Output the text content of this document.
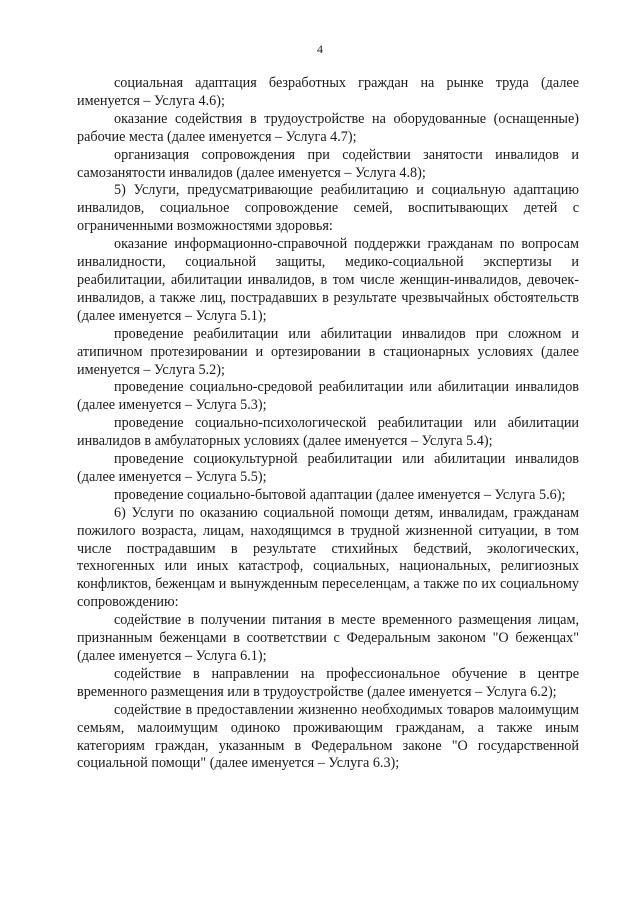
4

социальная адаптация безработных граждан на рынке труда (далее именуется – Услуга 4.6);

оказание содействия в трудоустройстве на оборудованные (оснащенные) рабочие места (далее именуется – Услуга 4.7);

организация сопровождения при содействии занятости инвалидов и самозанятости инвалидов (далее именуется – Услуга 4.8);

5) Услуги, предусматривающие реабилитацию и социальную адаптацию инвалидов, социальное сопровождение семей, воспитывающих детей с ограниченными возможностями здоровья:

оказание информационно-справочной поддержки гражданам по вопросам инвалидности, социальной защиты, медико-социальной экспертизы и реабилитации, абилитации инвалидов, в том числе женщин-инвалидов, девочек-инвалидов, а также лиц, пострадавших в результате чрезвычайных обстоятельств (далее именуется – Услуга 5.1);

проведение реабилитации или абилитации инвалидов при сложном и атипичном протезировании и ортезировании в стационарных условиях (далее именуется – Услуга 5.2);

проведение социально-средовой реабилитации или абилитации инвалидов (далее именуется – Услуга 5.3);

проведение социально-психологической реабилитации или абилитации инвалидов в амбулаторных условиях (далее именуется – Услуга 5.4);

проведение социокультурной реабилитации или абилитации инвалидов (далее именуется – Услуга 5.5);

проведение социально-бытовой адаптации (далее именуется – Услуга 5.6);

6) Услуги по оказанию социальной помощи детям, инвалидам, гражданам пожилого возраста, лицам, находящимся в трудной жизненной ситуации, в том числе пострадавшим в результате стихийных бедствий, экологических, техногенных или иных катастроф, социальных, национальных, религиозных конфликтов, беженцам и вынужденным переселенцам, а также по их социальному сопровождению:

содействие в получении питания в месте временного размещения лицам, признанным беженцами в соответствии с Федеральным законом "О беженцах" (далее именуется – Услуга 6.1);

содействие в направлении на профессиональное обучение в центре временного размещения или в трудоустройстве (далее именуется – Услуга 6.2);

содействие в предоставлении жизненно необходимых товаров малоимущим семьям, малоимущим одиноко проживающим гражданам, а также иным категориям граждан, указанным в Федеральном законе "О государственной социальной помощи" (далее именуется – Услуга 6.3);
